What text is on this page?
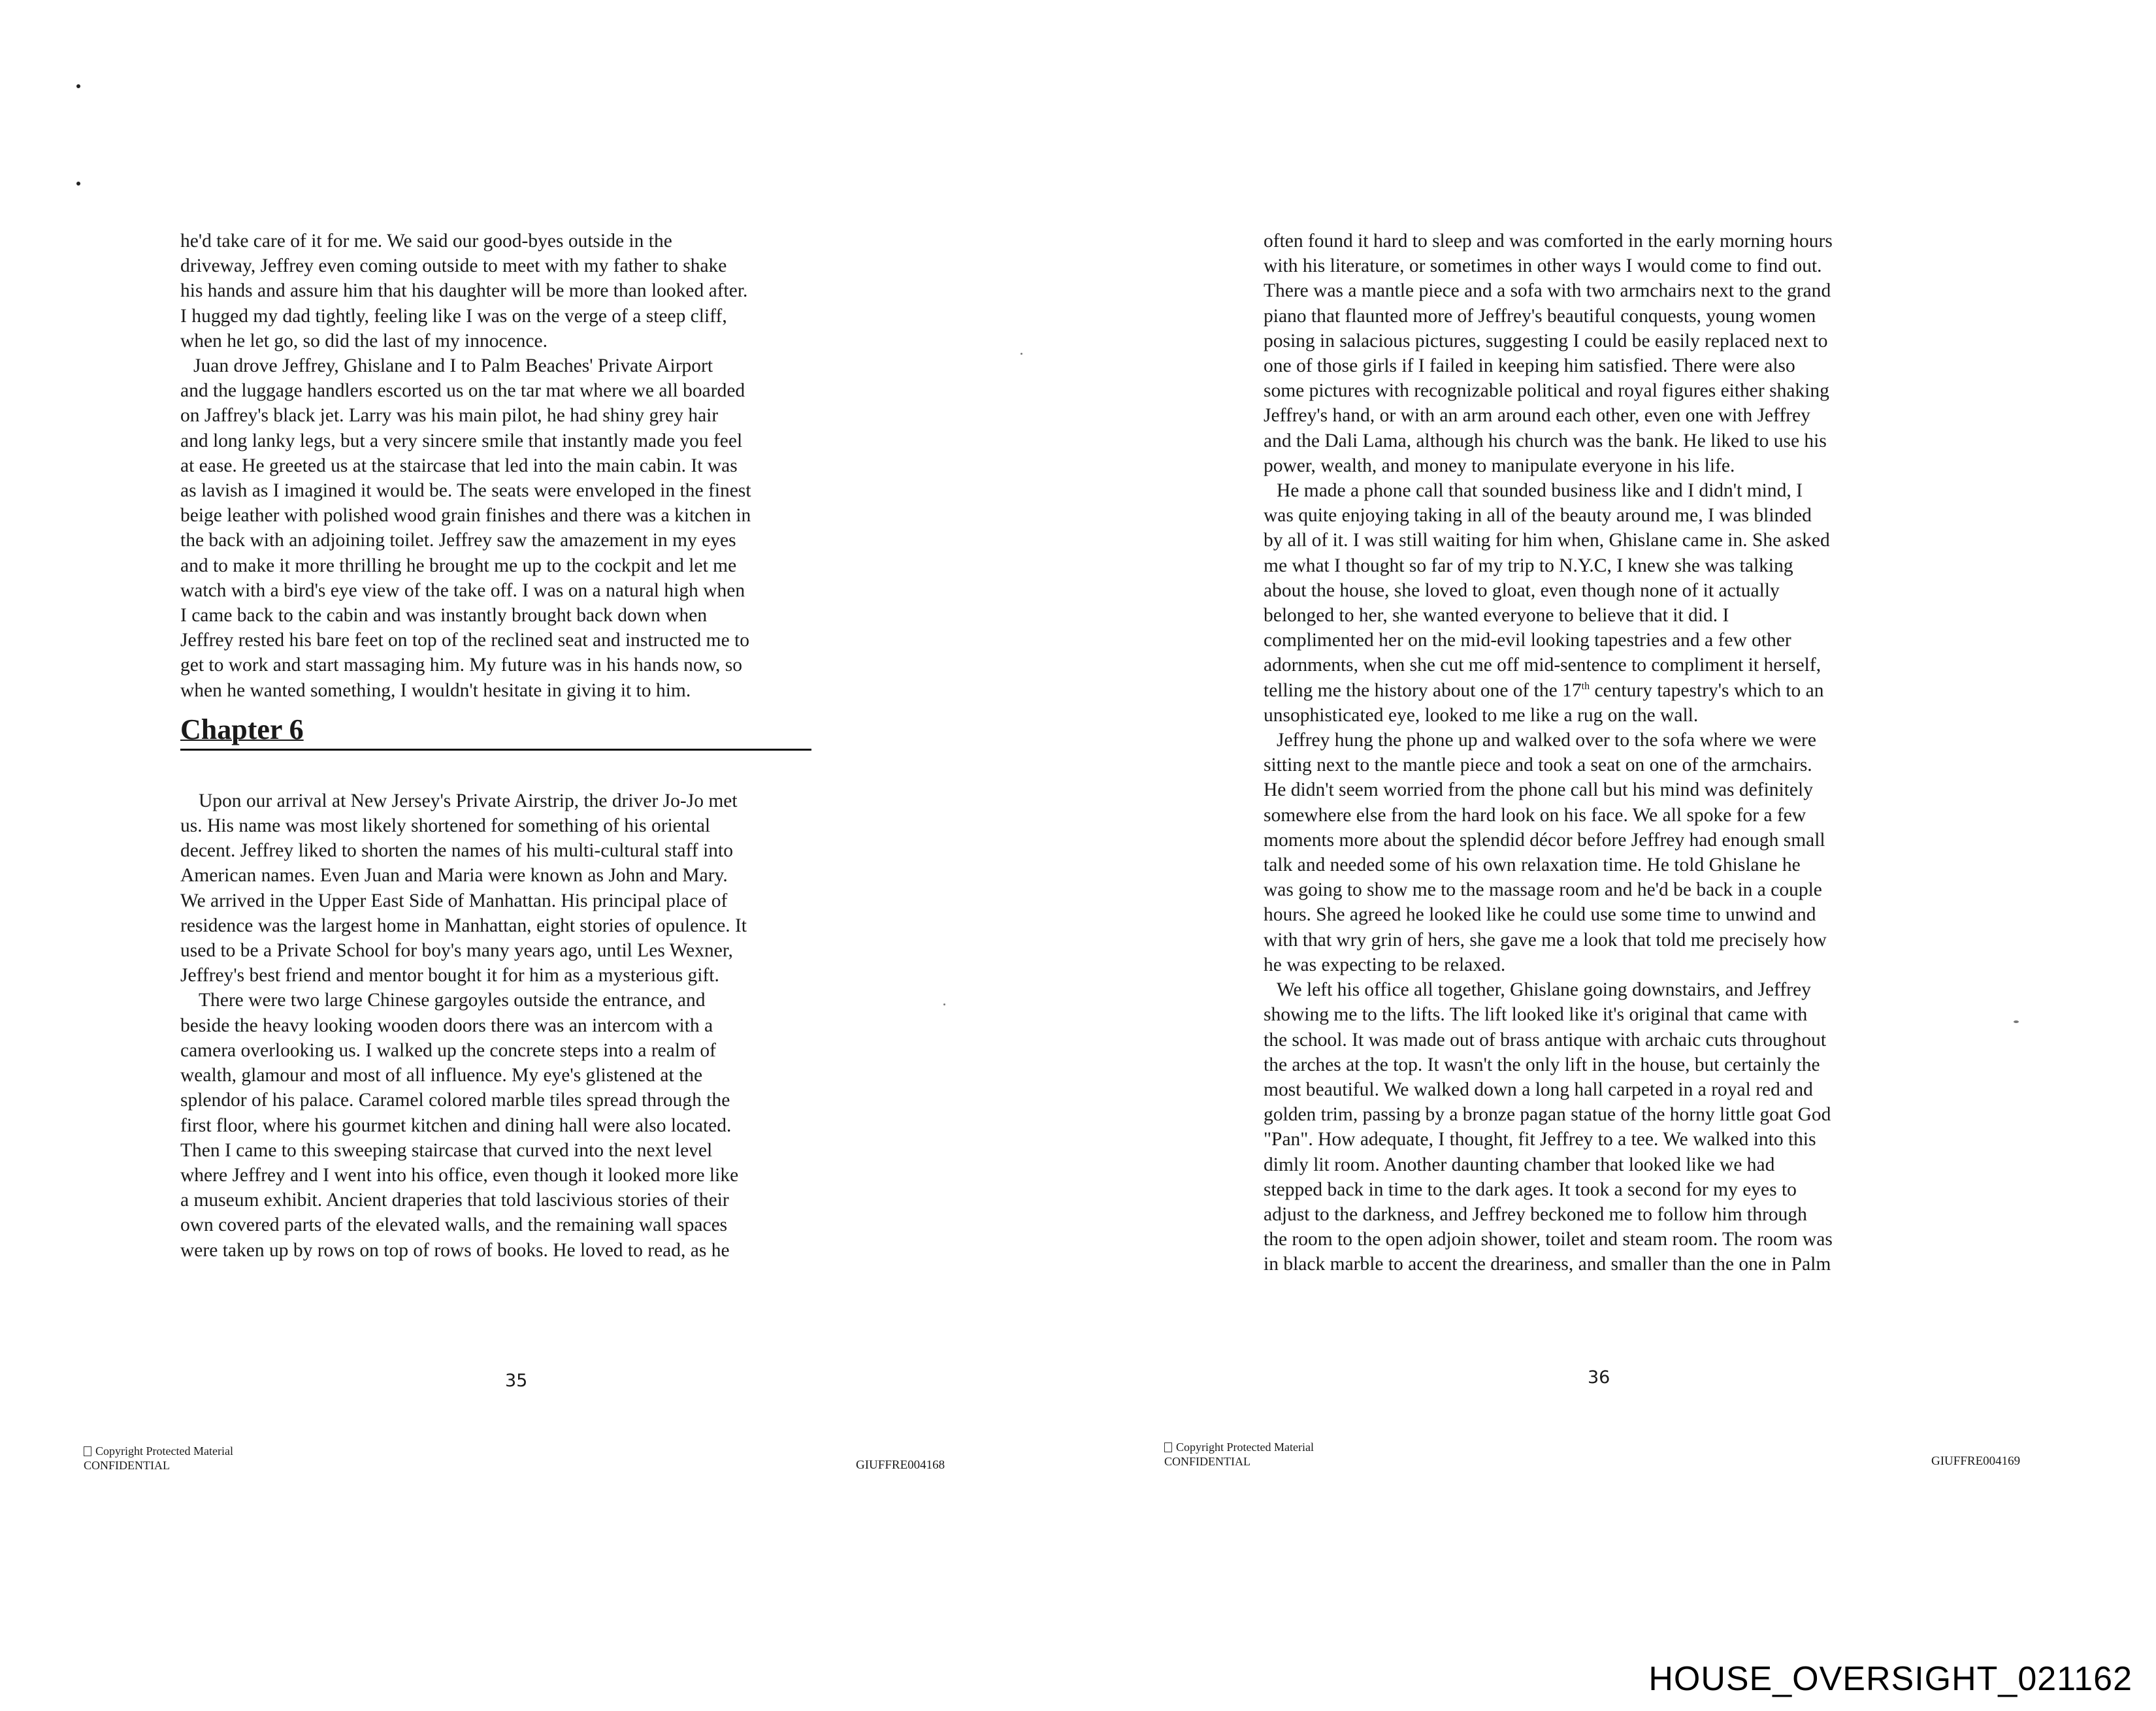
he'd take care of it for me. We said our good-byes outside in the
driveway, Jeffrey even coming outside to meet with my father to shake
his hands and assure him that his daughter will be more than looked after.
I hugged my dad tightly, feeling like I was on the verge of a steep cliff,
when he let go, so did the last of my innocence.
Juan drove Jeffrey, Ghislane and I to Palm Beaches' Private Airport
and the luggage handlers escorted us on the tar mat where we all boarded
on Jaffrey's black jet. Larry was his main pilot, he had shiny grey hair
and long lanky legs, but a very sincere smile that instantly made you feel
at ease. He greeted us at the staircase that led into the main cabin. It was
as lavish as I imagined it would be. The seats were enveloped in the finest
beige leather with polished wood grain finishes and there was a kitchen in
the back with an adjoining toilet. Jeffrey saw the amazement in my eyes
and to make it more thrilling he brought me up to the cockpit and let me
watch with a bird's eye view of the take off. I was on a natural high when
I came back to the cabin and was instantly brought back down when
Jeffrey rested his bare feet on top of the reclined seat and instructed me to
get to work and start massaging him. My future was in his hands now, so
when he wanted something, I wouldn't hesitate in giving it to him.
Chapter 6
Upon our arrival at New Jersey's Private Airstrip, the driver Jo-Jo met
us. His name was most likely shortened for something of his oriental
decent. Jeffrey liked to shorten the names of his multi-cultural staff into
American names. Even Juan and Maria were known as John and Mary.
We arrived in the Upper East Side of Manhattan. His principal place of
residence was the largest home in Manhattan, eight stories of opulence. It
used to be a Private School for boy's many years ago, until Les Wexner,
Jeffrey's best friend and mentor bought it for him as a mysterious gift.
There were two large Chinese gargoyles outside the entrance, and
beside the heavy looking wooden doors there was an intercom with a
camera overlooking us. I walked up the concrete steps into a realm of
wealth, glamour and most of all influence. My eye's glistened at the
splendor of his palace. Caramel colored marble tiles spread through the
first floor, where his gourmet kitchen and dining hall were also located.
Then I came to this sweeping staircase that curved into the next level
where Jeffrey and I went into his office, even though it looked more like
a museum exhibit. Ancient draperies that told lascivious stories of their
own covered parts of the elevated walls, and the remaining wall spaces
were taken up by rows on top of rows of books. He loved to read, as he
35
Copyright Protected Material
CONFIDENTIAL	GIUFFRE004168
often found it hard to sleep and was comforted in the early morning hours
with his literature, or sometimes in other ways I would come to find out.
There was a mantle piece and a sofa with two armchairs next to the grand
piano that flaunted more of Jeffrey's beautiful conquests, young women
posing in salacious pictures, suggesting I could be easily replaced next to
one of those girls if I failed in keeping him satisfied. There were also
some pictures with recognizable political and royal figures either shaking
Jeffrey's hand, or with an arm around each other, even one with Jeffrey
and the Dali Lama, although his church was the bank. He liked to use his
power, wealth, and money to manipulate everyone in his life.
He made a phone call that sounded business like and I didn't mind, I
was quite enjoying taking in all of the beauty around me, I was blinded
by all of it. I was still waiting for him when, Ghislane came in. She asked
me what I thought so far of my trip to N.Y.C, I knew she was talking
about the house, she loved to gloat, even though none of it actually
belonged to her, she wanted everyone to believe that it did. I
complimented her on the mid-evil looking tapestries and a few other
adornments, when she cut me off mid-sentence to compliment it herself,
telling me the history about one of the 17th century tapestry's which to an
unsophisticated eye, looked to me like a rug on the wall.
Jeffrey hung the phone up and walked over to the sofa where we were
sitting next to the mantle piece and took a seat on one of the armchairs.
He didn't seem worried from the phone call but his mind was definitely
somewhere else from the hard look on his face. We all spoke for a few
moments more about the splendid décor before Jeffrey had enough small
talk and needed some of his own relaxation time. He told Ghislane he
was going to show me to the massage room and he'd be back in a couple
hours. She agreed he looked like he could use some time to unwind and
with that wry grin of hers, she gave me a look that told me precisely how
he was expecting to be relaxed.
We left his office all together, Ghislane going downstairs, and Jeffrey
showing me to the lifts. The lift looked like it's original that came with
the school. It was made out of brass antique with archaic cuts throughout
the arches at the top. It wasn't the only lift in the house, but certainly the
most beautiful. We walked down a long hall carpeted in a royal red and
golden trim, passing by a bronze pagan statue of the horny little goat God
"Pan". How adequate, I thought, fit Jeffrey to a tee. We walked into this
dimly lit room. Another daunting chamber that looked like we had
stepped back in time to the dark ages. It took a second for my eyes to
adjust to the darkness, and Jeffrey beckoned me to follow him through
the room to the open adjoin shower, toilet and steam room. The room was
in black marble to accent the dreariness, and smaller than the one in Palm
36
Copyright Protected Material
CONFIDENTIAL	GIUFFRE004169
HOUSE_OVERSIGHT_021162
